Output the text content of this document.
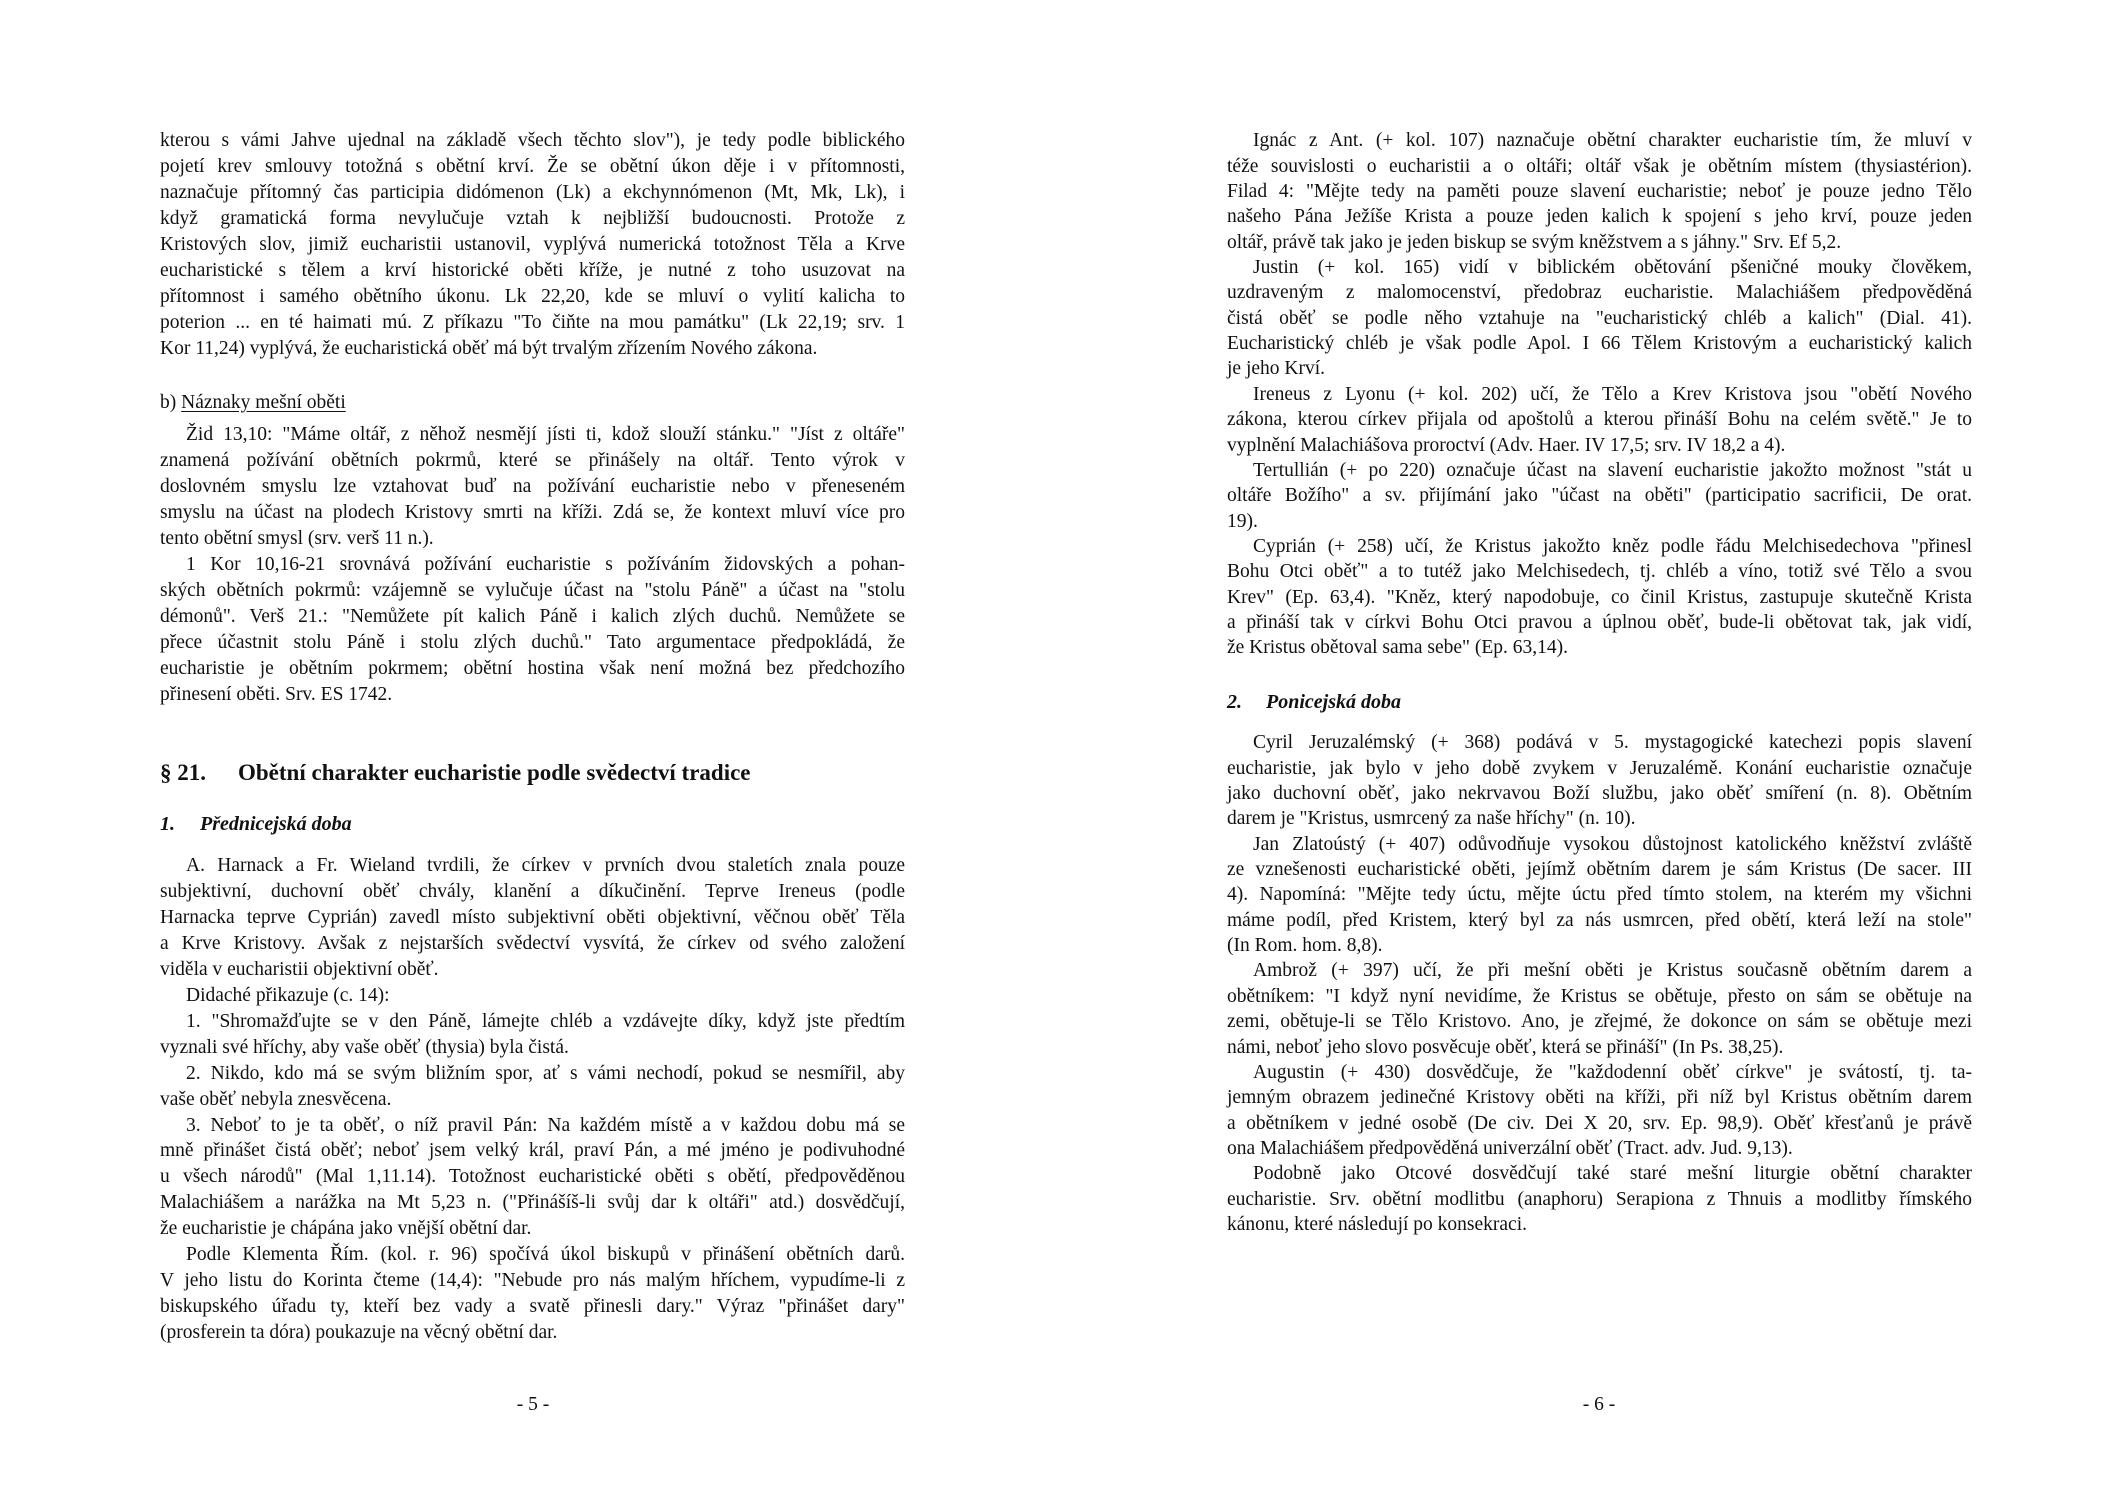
kterou s vámi Jahve ujednal na základě všech těchto slov"), je tedy podle biblického
pojetí krev smlouvy totožná s obětní krví. Že se obětní úkon děje i v přítomnosti,
naznačuje přítomný čas participia didómenon (Lk) a ekchynnómenon (Mt, Mk, Lk), i
když gramatická forma nevylučuje vztah k nejbližší budoucnosti. Protože z
Kristových slov, jimiž eucharistii ustanovil, vyplývá numerická totožnost Těla a Krve
eucharistické s tělem a krví historické oběti kříže, je nutné z toho usuzovat na
přítomnost i samého obětního úkonu. Lk 22,20, kde se mluví o vylití kalicha to
poterion ... en té haimati mú. Z příkazu "To čiňte na mou památku" (Lk 22,19; srv. 1
Kor 11,24) vyplývá, že eucharistická oběť má být trvalým zřízením Nového zákona.
b) Náznaky mešní oběti
Žid 13,10: "Máme oltář, z něhož nesmějí jísti ti, kdož slouží stánku." "Jíst z oltáře"
znamená požívání obětních pokrmů, které se přinášely na oltář. Tento výrok v
doslovném smyslu lze vztahovat buď na požívání eucharistie nebo v přeneseném
smyslu na účast na plodech Kristovy smrti na kříži. Zdá se, že kontext mluví více pro
tento obětní smysl (srv. verš 11 n.).
1 Kor 10,16-21 srovnává požívání eucharistie s požíváním židovských a pohan-
ských obětních pokrmů: vzájemně se vylučuje účast na "stolu Páně" a účast na "stolu
démonů". Verš 21.: "Nemůžete pít kalich Páně i kalich zlých duchů. Nemůžete se
přece účastnit stolu Páně i stolu zlých duchů." Tato argumentace předpokládá, že
eucharistie je obětním pokrmem; obětní hostina však není možná bez předchozího
přinesení oběti. Srv. ES 1742.
§ 21. Obětní charakter eucharistie podle svědectví tradice
1. Přednicejská doba
A. Harnack a Fr. Wieland tvrdili, že církev v prvních dvou staletích znala pouze
subjektivní, duchovní oběť chvály, klanění a díkučinění. Teprve Ireneus (podle
Harnacka teprve Cyprián) zavedl místo subjektivní oběti objektivní, věčnou oběť Těla
a Krve Kristovy. Avšak z nejstarších svědectví vysvítá, že církev od svého založení
viděla v eucharistii objektivní oběť.
Didaché přikazuje (c. 14):
1. "Shromažďujte se v den Páně, lámejte chléb a vzdávejte díky, když jste předtím
vyznali své hříchy, aby vaše oběť (thysia) byla čistá.
2. Nikdo, kdo má se svým bližním spor, ať s vámi nechodí, pokud se nesmířil, aby
vaše oběť nebyla znesvěcena.
3. Neboť to je ta oběť, o níž pravil Pán: Na každém místě a v každou dobu má se
mně přinášet čistá oběť; neboť jsem velký král, praví Pán, a mé jméno je podivuhodné
u všech národů" (Mal 1,11.14). Totožnost eucharistické oběti s obětí, předpověděnou
Malachiášem a narážka na Mt 5,23 n. ("Přinášíš-li svůj dar k oltáři" atd.) dosvědčují,
že eucharistie je chápána jako vnější obětní dar.
Podle Klementa Řím. (kol. r. 96) spočívá úkol biskupů v přinášení obětních darů.
V jeho listu do Korinta čteme (14,4): "Nebude pro nás malým hříchem, vypudíme-li z
biskupského úřadu ty, kteří bez vady a svatě přinesli dary." Výraz "přinášet dary"
(prosferein ta dóra) poukazuje na věcný obětní dar.
- 5 -
Ignác z Ant. (+ kol. 107) naznačuje obětní charakter eucharistie tím, že mluví v
téže souvislosti o eucharistii a o oltáři; oltář však je obětním místem (thysiastérion).
Filad 4: "Mějte tedy na paměti pouze slavení eucharistie; neboť je pouze jedno Tělo
našeho Pána Ježíše Krista a pouze jeden kalich k spojení s jeho krví, pouze jeden
oltář, právě tak jako je jeden biskup se svým kněžstvem a s jáhny." Srv. Ef 5,2.
Justin (+ kol. 165) vidí v biblickém obětování pšeničné mouky člověkem,
uzdraveným z malomocenství, předobraz eucharistie. Malachiášem předpověděná
čistá oběť se podle něho vztahuje na "eucharistický chléb a kalich" (Dial. 41).
Eucharistický chléb je však podle Apol. I 66 Tělem Kristovým a eucharistický kalich
je jeho Krví.
Ireneus z Lyonu (+ kol. 202) učí, že Tělo a Krev Kristova jsou "obětí Nového
zákona, kterou církev přijala od apoštolů a kterou přináší Bohu na celém světě." Je to
vyplnění Malachiášova proroctví (Adv. Haer. IV 17,5; srv. IV 18,2 a 4).
Tertullián (+ po 220) označuje účast na slavení eucharistie jakožto možnost "stát u
oltáře Božího" a sv. přijímání jako "účast na oběti" (participatio sacrificii, De orat.
19).
Cyprián (+ 258) učí, že Kristus jakožto kněz podle řádu Melchisedechova "přinesl
Bohu Otci oběť" a to tutéž jako Melchisedech, tj. chléb a víno, totiž své Tělo a svou
Krev" (Ep. 63,4). "Kněz, který napodobuje, co činil Kristus, zastupuje skutečně Krista
a přináší tak v církvi Bohu Otci pravou a úplnou oběť, bude-li obětovat tak, jak vidí,
že Kristus obětoval sama sebe" (Ep. 63,14).
2. Ponicejská doba
Cyril Jeruzalémský (+ 368) podává v 5. mystagogické katechezi popis slavení
eucharistie, jak bylo v jeho době zvykem v Jeruzalémě. Konání eucharistie označuje
jako duchovní oběť, jako nekrvavou Boží službu, jako oběť smíření (n. 8). Obětním
darem je "Kristus, usmrcený za naše hříchy" (n. 10).
Jan Zlatoústý (+ 407) odůvodňuje vysokou důstojnost katolického kněžství zvláště
ze vznešenosti eucharistické oběti, jejímž obětním darem je sám Kristus (De sacer. III
4). Napomíná: "Mějte tedy úctu, mějte úctu před tímto stolem, na kterém my všichni
máme podíl, před Kristem, který byl za nás usmrcen, před obětí, která leží na stole"
(In Rom. hom. 8,8).
Ambrož (+ 397) učí, že při mešní oběti je Kristus současně obětním darem a
obětníkem: "I když nyní nevidíme, že Kristus se obětuje, přesto on sám se obětuje na
zemi, obětuje-li se Tělo Kristovo. Ano, je zřejmé, že dokonce on sám se obětuje mezi
námi, neboť jeho slovo posvěcuje oběť, která se přináší" (In Ps. 38,25).
Augustin (+ 430) dosvědčuje, že "každodenní oběť církve" je svátostí, tj. ta-
jemným obrazem jedinečné Kristovy oběti na kříži, při níž byl Kristus obětním darem
a obětníkem v jedné osobě (De civ. Dei X 20, srv. Ep. 98,9). Oběť křesťanů je právě
ona Malachiášem předpověděná univerzální oběť (Tract. adv. Jud. 9,13).
Podobně jako Otcové dosvědčují také staré mešní liturgie obětní charakter
eucharistie. Srv. obětní modlitbu (anaphoru) Serapiona z Thnuis a modlitby římského
kánonu, které následují po konsekraci.
- 6 -
